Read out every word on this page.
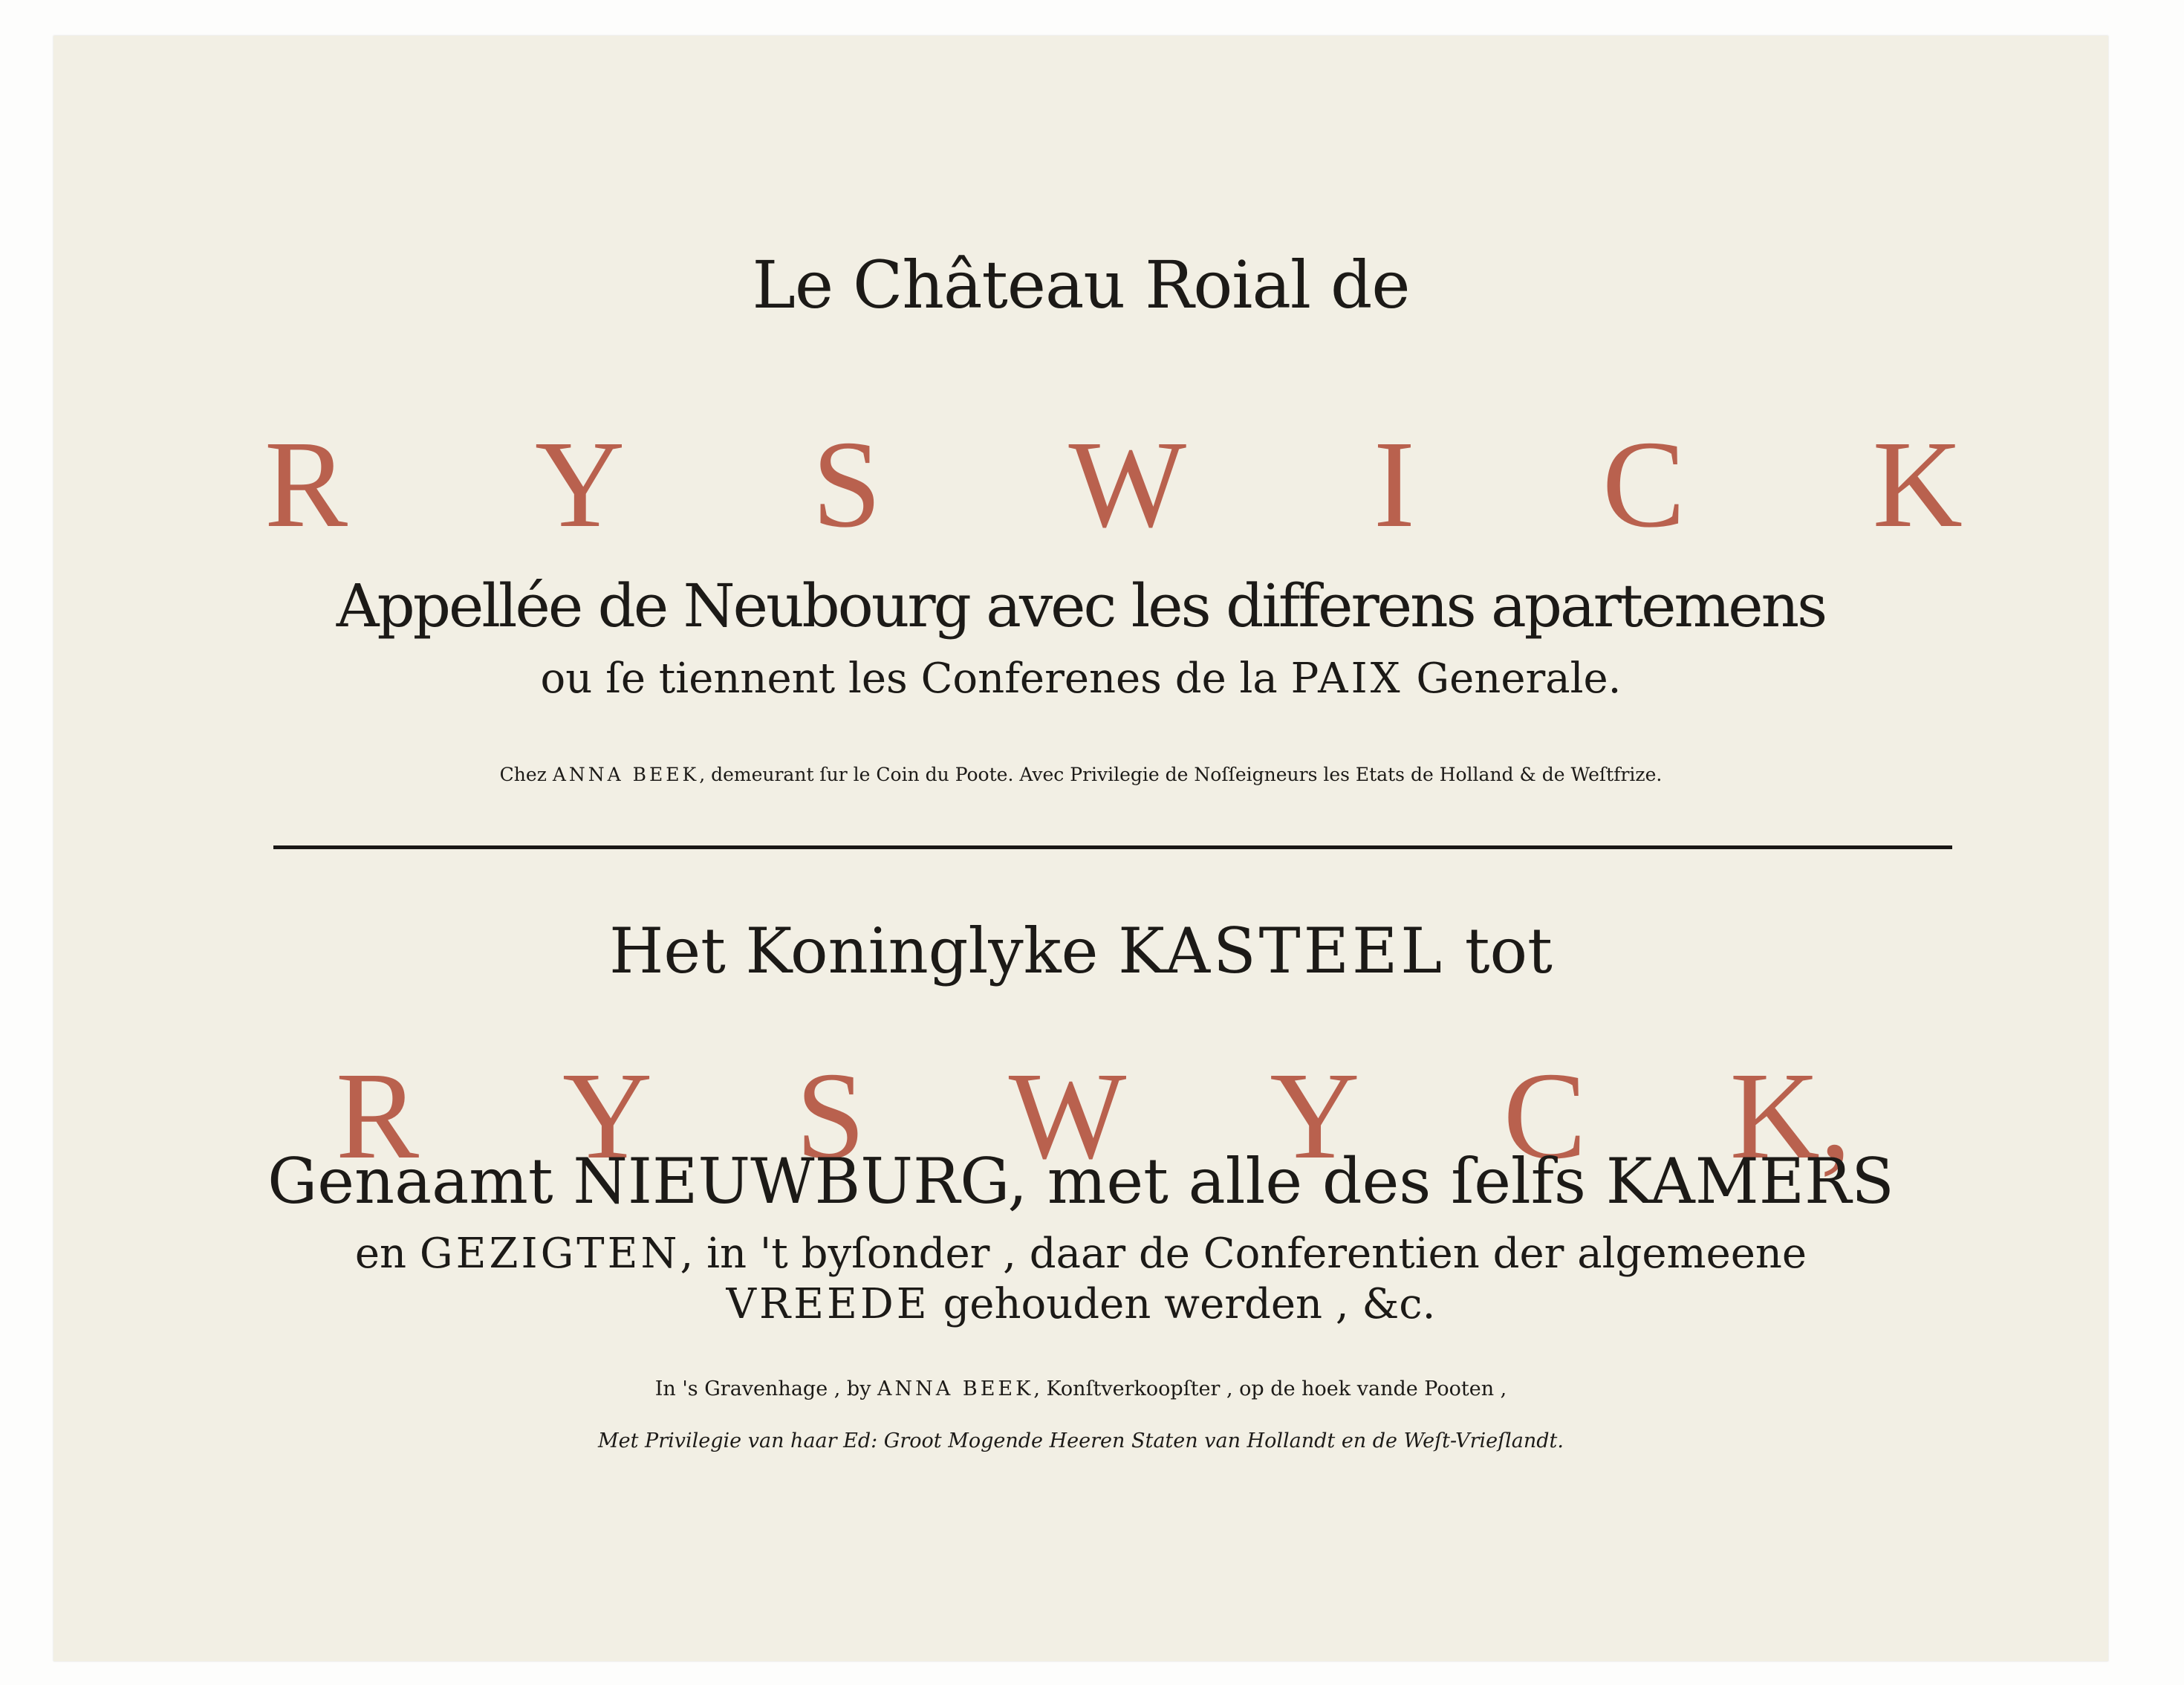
Le Château Roial de
R Y S W I C K
Appellée de Neubourg avec les differens apartemens
ou ſe tiennent les Conferenes de la PAIX Generale.
Chez ANNA BEEK, demeurant ſur le Coin du Poote. Avec Privilegie de Noſſeigneurs les Etats de Holland & de Weſtfrize.
Het Koninglyke KASTEEL tot
R Y S W Y C K,
Genaamt NIEUWBURG, met alle des ſelfs KAMERS
en GEZIGTEN, in 't byſonder , daar de Conferentien der algemeene
VREEDE gehouden werden , &c.
In 's Gravenhage , by ANNA BEEK, Konſtverkoopſter , op de hoek vande Pooten ,
Met Privilegie van haar Ed: Groot Mogende Heeren Staten van Hollandt en de Weſt-Vrieſlandt.
